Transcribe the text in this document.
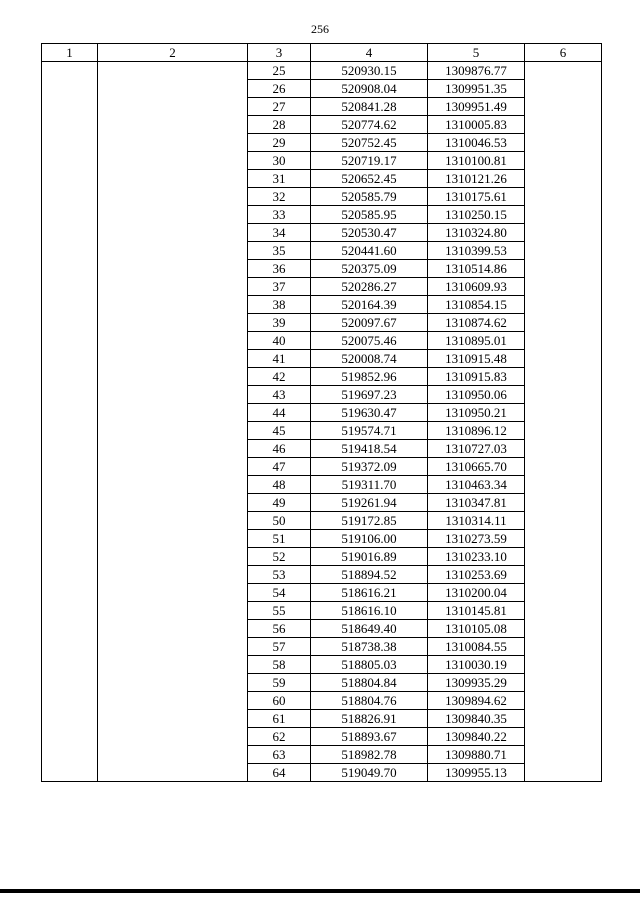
256
1	2	3	4	5	6
		25	520930.15	1309876.77	
		26	520908.04	1309951.35	
		27	520841.28	1309951.49	
		28	520774.62	1310005.83	
		29	520752.45	1310046.53	
		30	520719.17	1310100.81	
		31	520652.45	1310121.26	
		32	520585.79	1310175.61	
		33	520585.95	1310250.15	
		34	520530.47	1310324.80	
		35	520441.60	1310399.53	
		36	520375.09	1310514.86	
		37	520286.27	1310609.93	
		38	520164.39	1310854.15	
		39	520097.67	1310874.62	
		40	520075.46	1310895.01	
		41	520008.74	1310915.48	
		42	519852.96	1310915.83	
		43	519697.23	1310950.06	
		44	519630.47	1310950.21	
		45	519574.71	1310896.12	
		46	519418.54	1310727.03	
		47	519372.09	1310665.70	
		48	519311.70	1310463.34	
		49	519261.94	1310347.81	
		50	519172.85	1310314.11	
		51	519106.00	1310273.59	
		52	519016.89	1310233.10	
		53	518894.52	1310253.69	
		54	518616.21	1310200.04	
		55	518616.10	1310145.81	
		56	518649.40	1310105.08	
		57	518738.38	1310084.55	
		58	518805.03	1310030.19	
		59	518804.84	1309935.29	
		60	518804.76	1309894.62	
		61	518826.91	1309840.35	
		62	518893.67	1309840.22	
		63	518982.78	1309880.71	
		64	519049.70	1309955.13	
